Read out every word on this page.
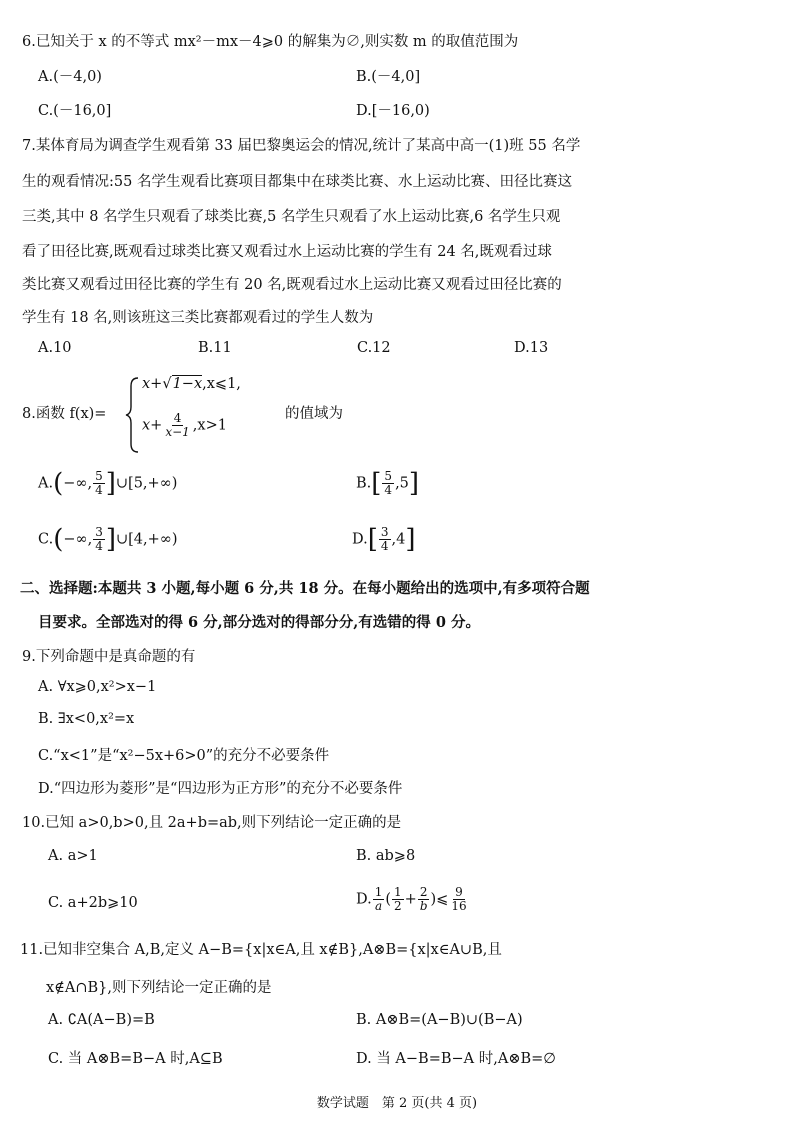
6.已知关于 x 的不等式 mx²－mx－4⩾0 的解集为∅,则实数 m 的取值范围为
A.(－4,0)	B.(－4,0]
C.(－16,0]	D.[－16,0)
7.某体育局为调查学生观看第 33 届巴黎奥运会的情况,统计了某高中高一(1)班 55 名学
生的观看情况:55 名学生观看比赛项目都集中在球类比赛、水上运动比赛、田径比赛这
三类,其中 8 名学生只观看了球类比赛,5 名学生只观看了水上运动比赛,6 名学生只观
看了田径比赛,既观看过球类比赛又观看过水上运动比赛的学生有 24 名,既观看过球
类比赛又观看过田径比赛的学生有 20 名,既观看过水上运动比赛又观看过田径比赛的
学生有 18 名,则该班这三类比赛都观看过的学生人数为
A.10	B.11	C.12	D.13
8.函数 f(x)=
x+√1−x,x⩽1,
$x+ \frac{4}{x-1} ,x>1$
的值域为
A.(−∞, $\frac{5}{4}$ ]∪[5,+∞)	$B.[ \frac{5}{4} ,5]$
C.(−∞, $\frac{3}{4}$ ]∪[4,+∞)	$D.[ \frac{3}{4} ,4]$
二、选择题:本题共 3 小题,每小题 6 分,共 18 分。在每小题给出的选项中,有多项符合题
目要求。全部选对的得 6 分,部分选对的得部分分,有选错的得 0 分。
9.下列命题中是真命题的有
A. ∀x⩾0,x²>x−1
B. ∃x<0,x²=x
C.“x<1”是“x²−5x+6>0”的充分不必要条件
D.“四边形为菱形”是“四边形为正方形”的充分不必要条件
10.已知 a>0,b>0,且 2a+b=ab,则下列结论一定正确的是
A. a>1	B. ab⩾8
C. a+2b⩾10	D. $\frac{1}{a}$ ( $\frac{1}{2} + \frac{2}{b}$ )⩽ $\frac{9}{16}$
11.已知非空集合 A,B,定义 A−B={x|x∈A,且 x∉B},A⊗B={x|x∈A∪B,且
x∉A∩B},则下列结论一定正确的是
A. ∁A(A−B)=B	B. A⊗B=(A−B)∪(B−A)
C. 当 A⊗B=B−A 时,A⊆B	D. 当 A−B=B−A 时,A⊗B=∅
数学试题　第 2 页(共 4 页)
